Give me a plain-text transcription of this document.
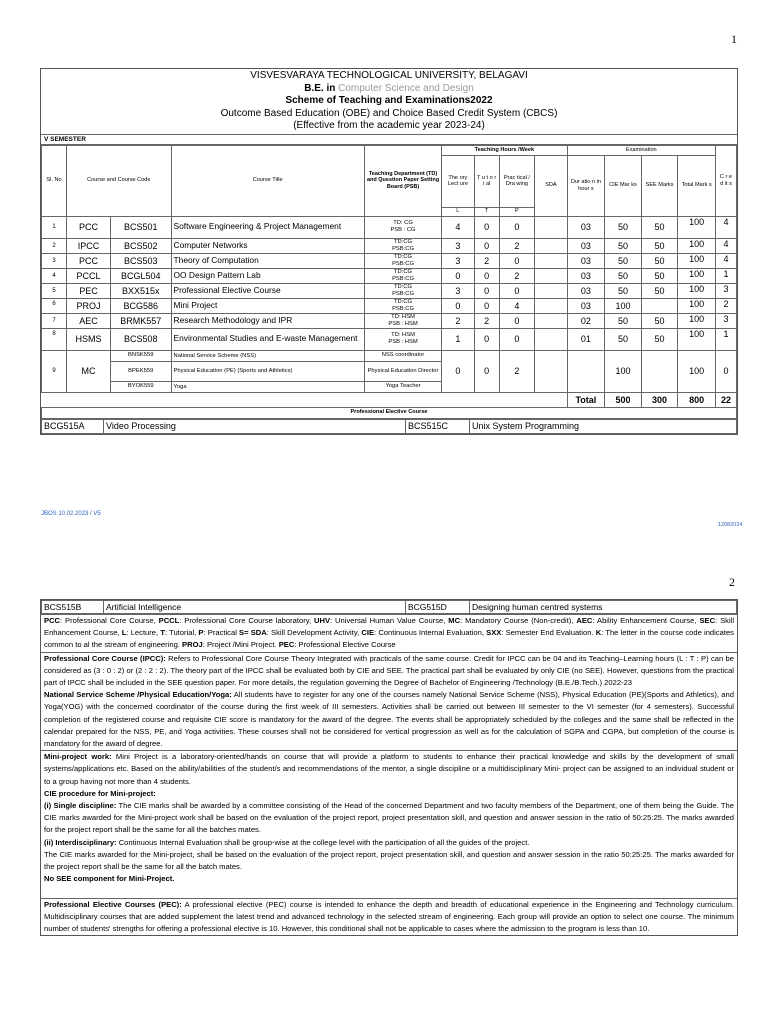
1
VISVESVARAYA TECHNOLOGICAL UNIVERSITY, BELAGAVI
B.E. in Computer Science and Design
Scheme of Teaching and Examinations2022
Outcome Based Education (OBE) and Choice Based Credit System (CBCS)
(Effective from the academic year 2023-24)
V SEMESTER
Sl. No	Course and Course Code		Course Title	Teaching Department (TD) and Question Paper Setting Board (PSB)	Teaching Hours /Week				Examination				C r e d it s
					The ory Lect ure	T u t o ri al	Prac tical / Dra wing	SDA	Dur atio n in hour s	CIE Mar ks	SEE Marks	Total Mark s	
					L	T	P						
1	PCC	BCS501	Software Engineering & Project Management	TD: CG
PSB : CG	4	0	0		03	50	50	100	4
2	IPCC	BCS502	Computer Networks	TD:CG
PSB:CG	3	0	2		03	50	50	100	4
3	PCC	BCS503	Theory of Computation	TD:CG
PSB:CG	3	2	0		03	50	50	100	4
4	PCCL	BCGL504	OO Design Pattern Lab	TD:CG
PSB:CG	0	0	2		03	50	50	100	1
5	PEC	BXX515x	Professional Elective Course	TD:CG
PSB:CG	3	0	0		03	50	50	100	3
6	PROJ	BCG586	Mini Project	TD:CG
PSB:CG	0	0	4		03	100		100	2
7	AEC	BRMK557	Research Methodology and IPR	TD: HSM
PSB : HSM	2	2	0		02	50	50	100	3
8	HSMS	BCS508	Environmental Studies and E-waste Management	TD: HSM
PSB : HSM	1	0	0		01	50	50	100	1
9	MC	BNSK559	National Service Scheme (NSS)	NSS coordinator	0	0	2			100		100	0
		BPEK559	Physical Education (PE) (Sports and Athletics)	Physical Education Director									
		BYOK559	Yoga	Yoga Teacher									
									Total	500	300	800	22
Professional Elective Course													
BCG515A	Video Processing	BCS515C	Unix System Programming
JBOS 10.02.2023 / V5
12082024
2
BCS515B	Artificial Intelligence	BCG515D	Designing human centred systems
PCC: Professional Core Course, PCCL: Professional Core Course laboratory, UHV: Universal Human Value Course, MC: Mandatory Course (Non-credit), AEC: Ability Enhancement Course, SEC: Skill Enhancement Course, L: Lecture, T: Tutorial, P: Practical S= SDA: Skill Development Activity, CIE: Continuous Internal Evaluation, SXX: Semester End Evaluation. K: The letter in the course code indicates common to al the stream of engineering. PROJ: Project /Mini Project. PEC: Professional Elective Course
Professional Core Course (IPCC): Refers to Professional Core Course Theory Integrated with practicals of the same course. Credit for IPCC can be 04 and its Teaching–Learning hours (L : T : P) can be considered as (3 : 0 : 2) or (2 : 2 : 2). The theory part of the IPCC shall be evaluated both by CIE and SEE. The practical part shall be evaluated by only CIE (no SEE). However, questions from the practical part of IPCC shall be included in the SEE question paper. For more details, the regulation governing the Degree of Bachelor of Engineering /Technology (B.E./B.Tech.) 2022-23
National Service Scheme /Physical Education/Yoga: All students have to register for any one of the courses namely National Service Scheme (NSS), Physical Education (PE)(Sports and Athletics), and Yoga(YOG) with the concerned coordinator of the course during the first week of III semesters. Activities shall be carried out between III semester to the VI semester (for 4 semesters). Successful completion of the registered course and requisite CIE score is mandatory for the award of the degree. The events shall be appropriately scheduled by the colleges and the same shall be reflected in the calendar prepared for the NSS, PE, and Yoga activities. These courses shall not be considered for vertical progression as well as for the calculation of SGPA and CGPA, but completion of the course is mandatory for the award of degree.
Mini-project work: Mini Project is a laboratory-oriented/hands on course that will provide a platform to students to enhance their practical knowledge and skills by the development of small systems/applications etc. Based on the ability/abilities of the student/s and recommendations of the mentor, a single discipline or a multidisciplinary Mini- project can be assigned to an individual student or to a group having not more than 4 students.
CIE procedure for Mini-project:
(i) Single discipline: The CIE marks shall be awarded by a committee consisting of the Head of the concerned Department and two faculty members of the Department, one of them being the Guide. The CIE marks awarded for the Mini-project work shall be based on the evaluation of the project report, project presentation skill, and question and answer session in the ratio of 50:25:25. The marks awarded for the project report shall be the same for all the batches mates.
(ii) Interdisciplinary: Continuous Internal Evaluation shall be group-wise at the college level with the participation of all the guides of the project.
The CIE marks awarded for the Mini-project, shall be based on the evaluation of the project report, project presentation skill, and question and answer session in the ratio 50:25:25. The marks awarded for the project report shall be the same for all the batch mates.
No SEE component for Mini-Project.

Professional Elective Courses (PEC): A professional elective (PEC) course is intended to enhance the depth and breadth of educational experience in the Engineering and Technology curriculum. Multidisciplinary courses that are added supplement the latest trend and advanced technology in the selected stream of engineering. Each group will provide an option to select one course. The minimum number of students' strengths for offering a professional elective is 10. However, this conditional shall not be applicable to cases where the admission to the program is less than 10.
